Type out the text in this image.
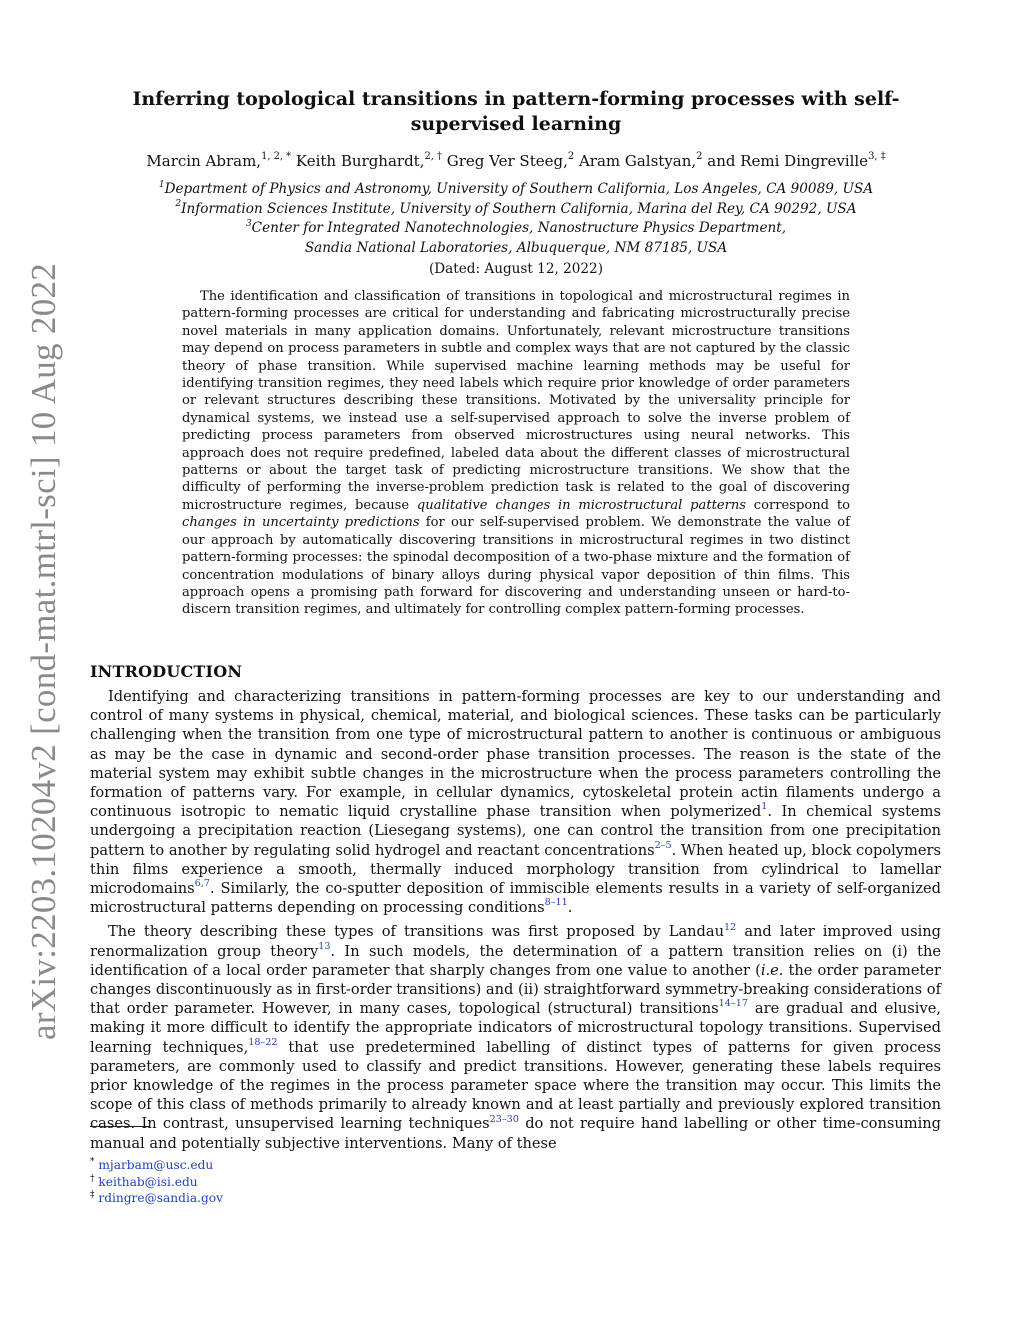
arXiv:2203.10204v2 [cond-mat.mtrl-sci] 10 Aug 2022
Inferring topological transitions in pattern-forming processes with self-supervised learning
Marcin Abram,$^{1, 2, *}$ Keith Burghardt,$^{2, \dagger}$ Greg Ver Steeg,$^2$ Aram Galstyan,$^2$ and Remi Dingreville$^{3, \ddagger}$
$^1$Department of Physics and Astronomy, University of Southern California, Los Angeles, CA 90089, USA
$^2$Information Sciences Institute, University of Southern California, Marina del Rey, CA 90292, USA
$^3$Center for Integrated Nanotechnologies, Nanostructure Physics Department,
Sandia National Laboratories, Albuquerque, NM 87185, USA
(Dated: August 12, 2022)
The identification and classification of transitions in topological and microstructural regimes in pattern-forming processes are critical for understanding and fabricating microstructurally precise novel materials in many application domains. Unfortunately, relevant microstructure transitions may depend on process parameters in subtle and complex ways that are not captured by the classic theory of phase transition. While supervised machine learning methods may be useful for identifying transition regimes, they need labels which require prior knowledge of order parameters or relevant structures describing these transitions. Motivated by the universality principle for dynamical systems, we instead use a self-supervised approach to solve the inverse problem of predicting process parameters from observed microstructures using neural networks. This approach does not require predefined, labeled data about the different classes of microstructural patterns or about the target task of predicting microstructure transitions. We show that the difficulty of performing the inverse-problem prediction task is related to the goal of discovering microstructure regimes, because qualitative changes in microstructural patterns correspond to changes in uncertainty predictions for our self-supervised problem. We demonstrate the value of our approach by automatically discovering transitions in microstructural regimes in two distinct pattern-forming processes: the spinodal decomposition of a two-phase mixture and the formation of concentration modulations of binary alloys during physical vapor deposition of thin films. This approach opens a promising path forward for discovering and understanding unseen or hard-to-discern transition regimes, and ultimately for controlling complex pattern-forming processes.
INTRODUCTION

Identifying and characterizing transitions in pattern-forming processes are key to our understanding and control of many systems in physical, chemical, material, and biological sciences. These tasks can be particularly challenging when the transition from one type of microstructural pattern to another is continuous or ambiguous as may be the case in dynamic and second-order phase transition processes. The reason is the state of the material system may exhibit subtle changes in the microstructure when the process parameters controlling the formation of patterns vary. For example, in cellular dynamics, cytoskeletal protein actin filaments undergo a continuous isotropic to nematic liquid crystalline phase transition when polymerized$^1$. In chemical systems undergoing a precipitation reaction (Liesegang systems), one can control the transition from one precipitation pattern to another by regulating solid hydrogel and reactant concentrations$^{2-5}$. When heated up, block copolymers thin films experience a smooth, thermally induced morphology transition from cylindrical to lamellar microdomains$^{6,7}$. Similarly, the co-sputter deposition of immiscible elements results in a variety of self-organized microstructural patterns depending on processing conditions$^{8-11}$.

The theory describing these types of transitions was first proposed by Landau$^{12}$ and later improved using renormalization group theory$^{13}$. In such models, the determination of a pattern transition relies on (i) the identification of a local order parameter that sharply changes from one value to another (i.e. the order parameter changes discontinuously as in first-order transitions) and (ii) straightforward symmetry-breaking considerations of that order parameter. However, in many cases, topological (structural) transitions$^{14-17}$ are gradual and elusive, making it more difficult to identify the appropriate indicators of microstructural topology transitions. Supervised learning techniques,$^{18-22}$ that use predetermined labelling of distinct types of patterns for given process parameters, are commonly used to classify and predict transitions. However, generating these labels requires prior knowledge of the regimes in the process parameter space where the transition may occur. This limits the scope of this class of methods primarily to already known and at least partially and previously explored transition cases. In contrast, unsupervised learning techniques$^{23-30}$ do not require hand labelling or other time-consuming manual and potentially subjective interventions. Many of these

* mjarbam@usc.edu
† keithab@isi.edu
‡ rdingre@sandia.gov
